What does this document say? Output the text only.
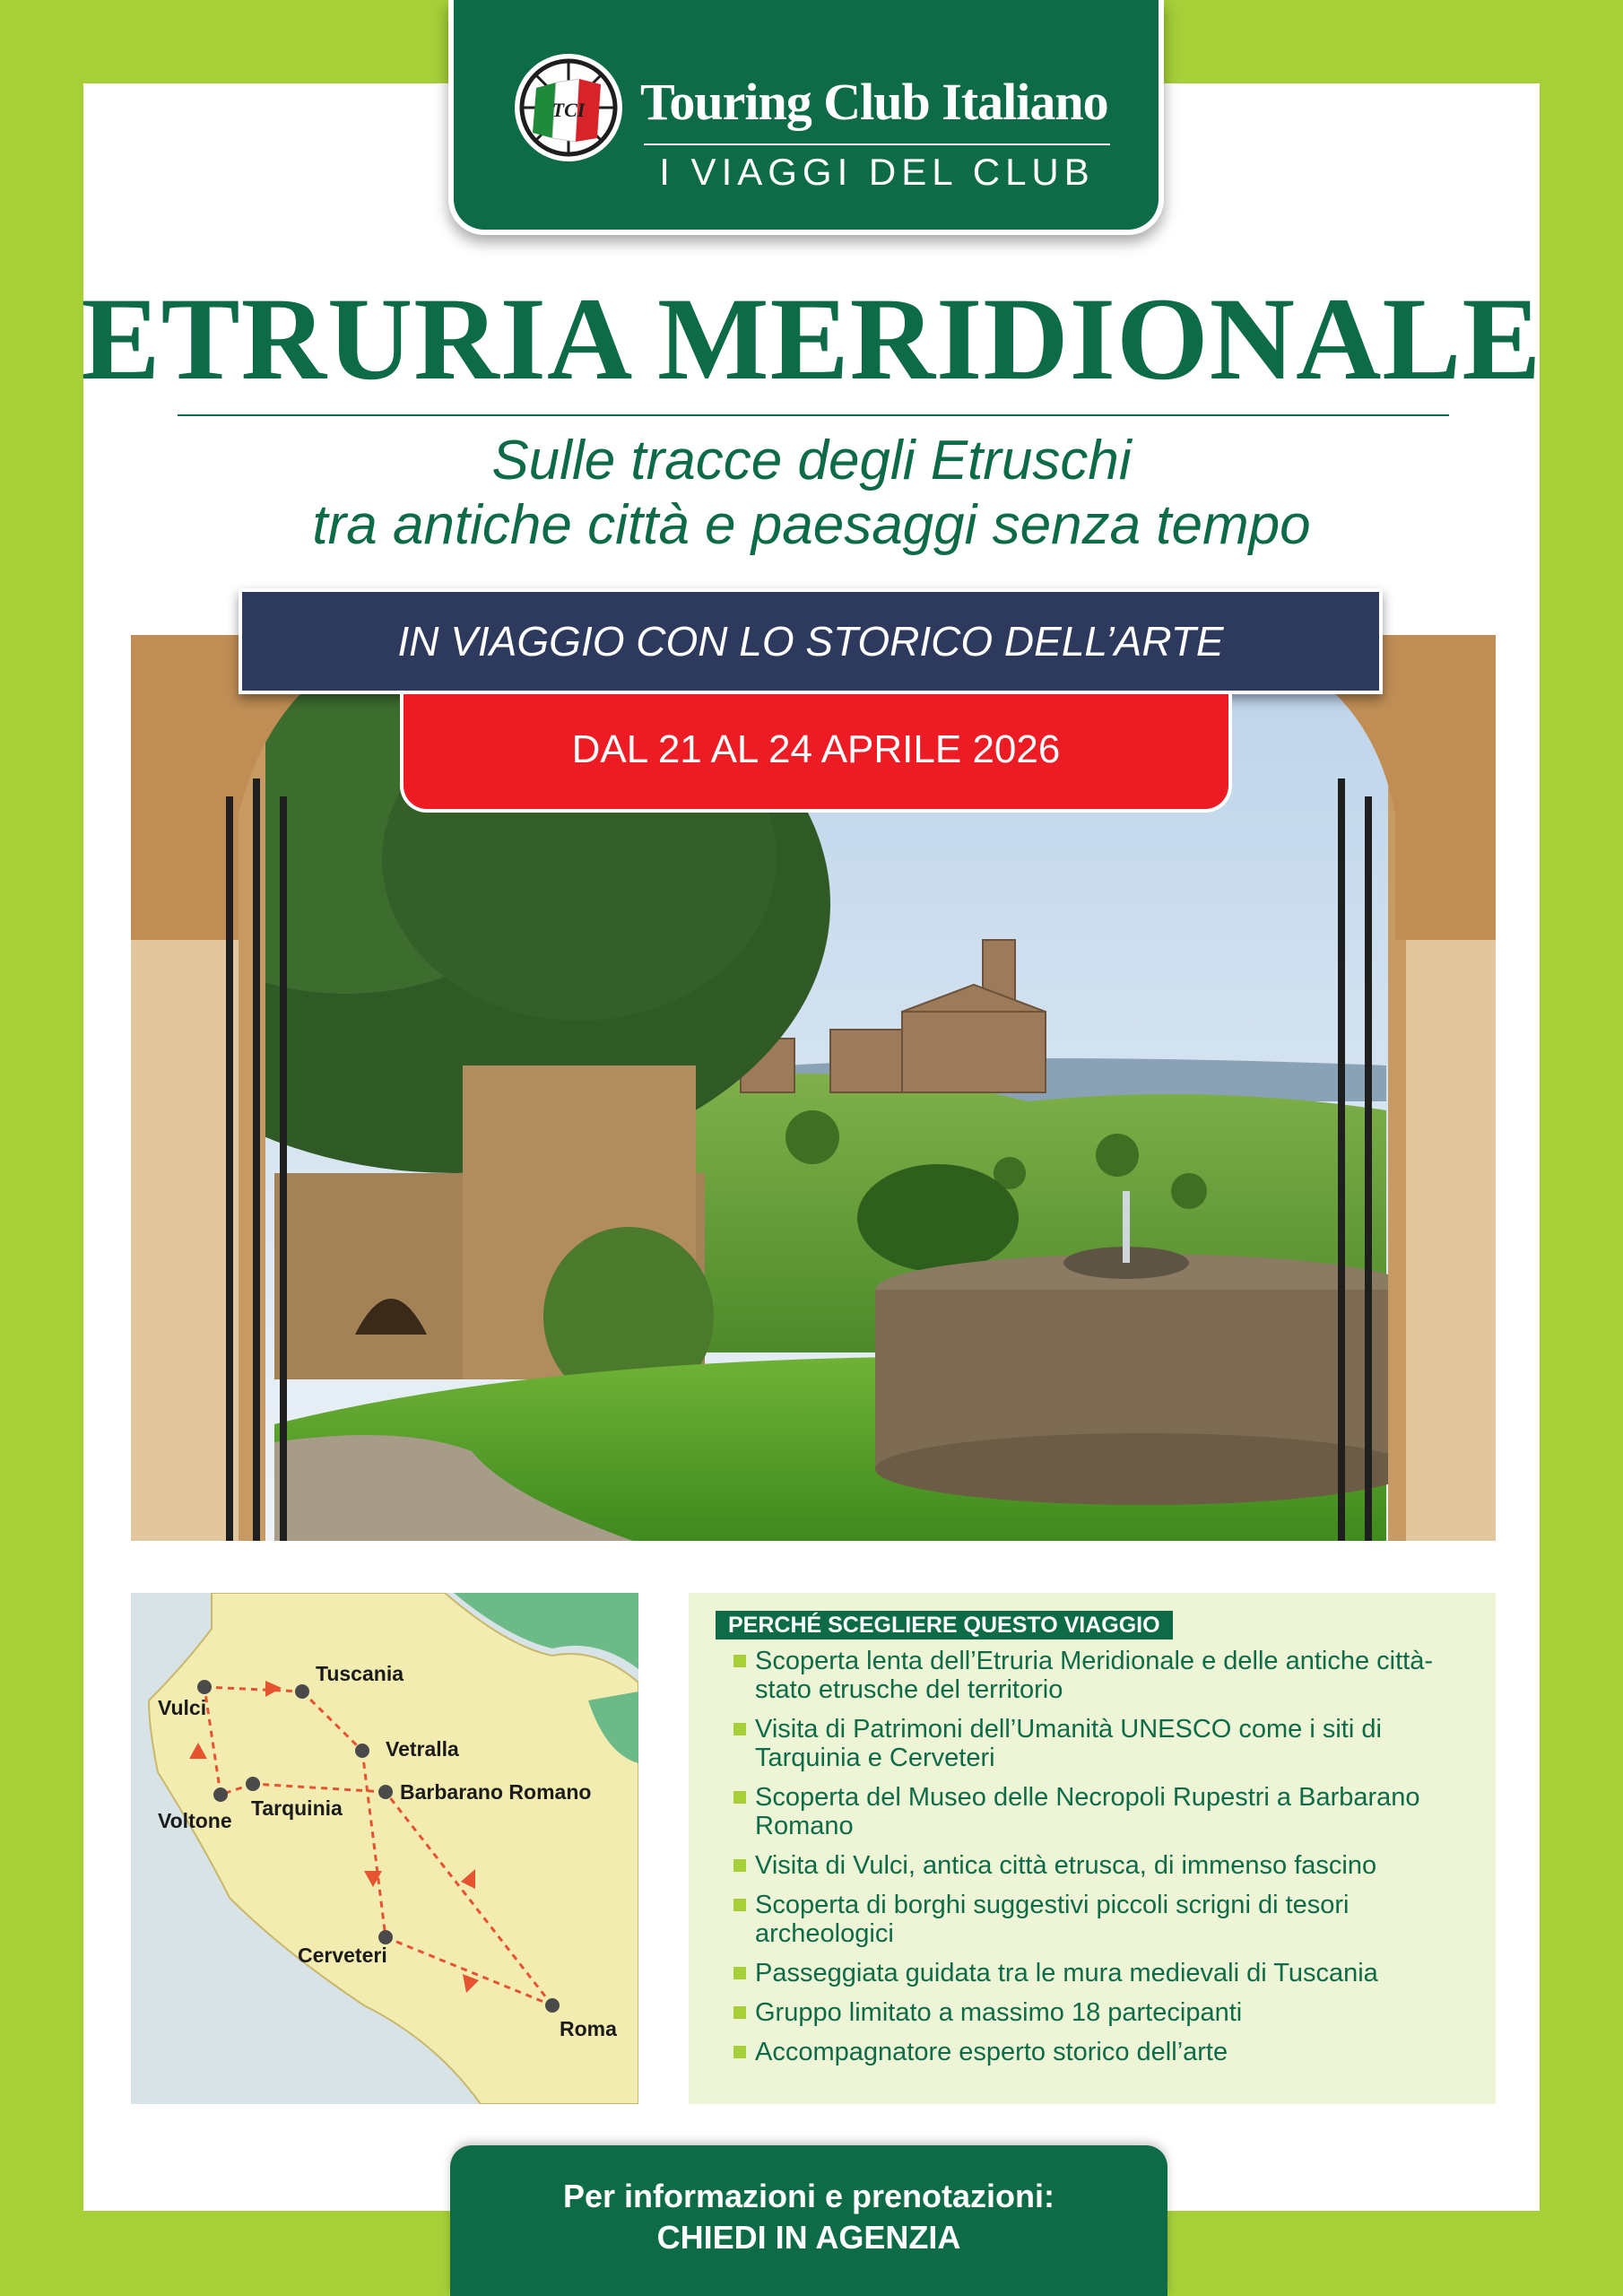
TCI Touring Club Italiano
I VIAGGI DEL CLUB
ETRURIA MERIDIONALE
Sulle tracce degli Etruschi
tra antiche città e paesaggi senza tempo
IN VIAGGIO CON LO STORICO DELL’ARTE
DAL 21 AL 24 APRILE 2026
Tuscania
Vulci
Vetralla
Barbarano Romano
Voltone
Tarquinia
Cerveteri
Roma
PERCHÉ SCEGLIERE QUESTO VIAGGIO
Scoperta lenta dell’Etruria Meridionale e delle antiche città-stato etrusche del territorio
Visita di Patrimoni dell’Umanità UNESCO come i siti di Tarquinia e Cerveteri
Scoperta del Museo delle Necropoli Rupestri a Barbarano Romano
Visita di Vulci, antica città etrusca, di immenso fascino
Scoperta di borghi suggestivi piccoli scrigni di tesori archeologici
Passeggiata guidata tra le mura medievali di Tuscania
Gruppo limitato a massimo 18 partecipanti
Accompagnatore esperto storico dell’arte
Per informazioni e prenotazioni:
CHIEDI IN AGENZIA
